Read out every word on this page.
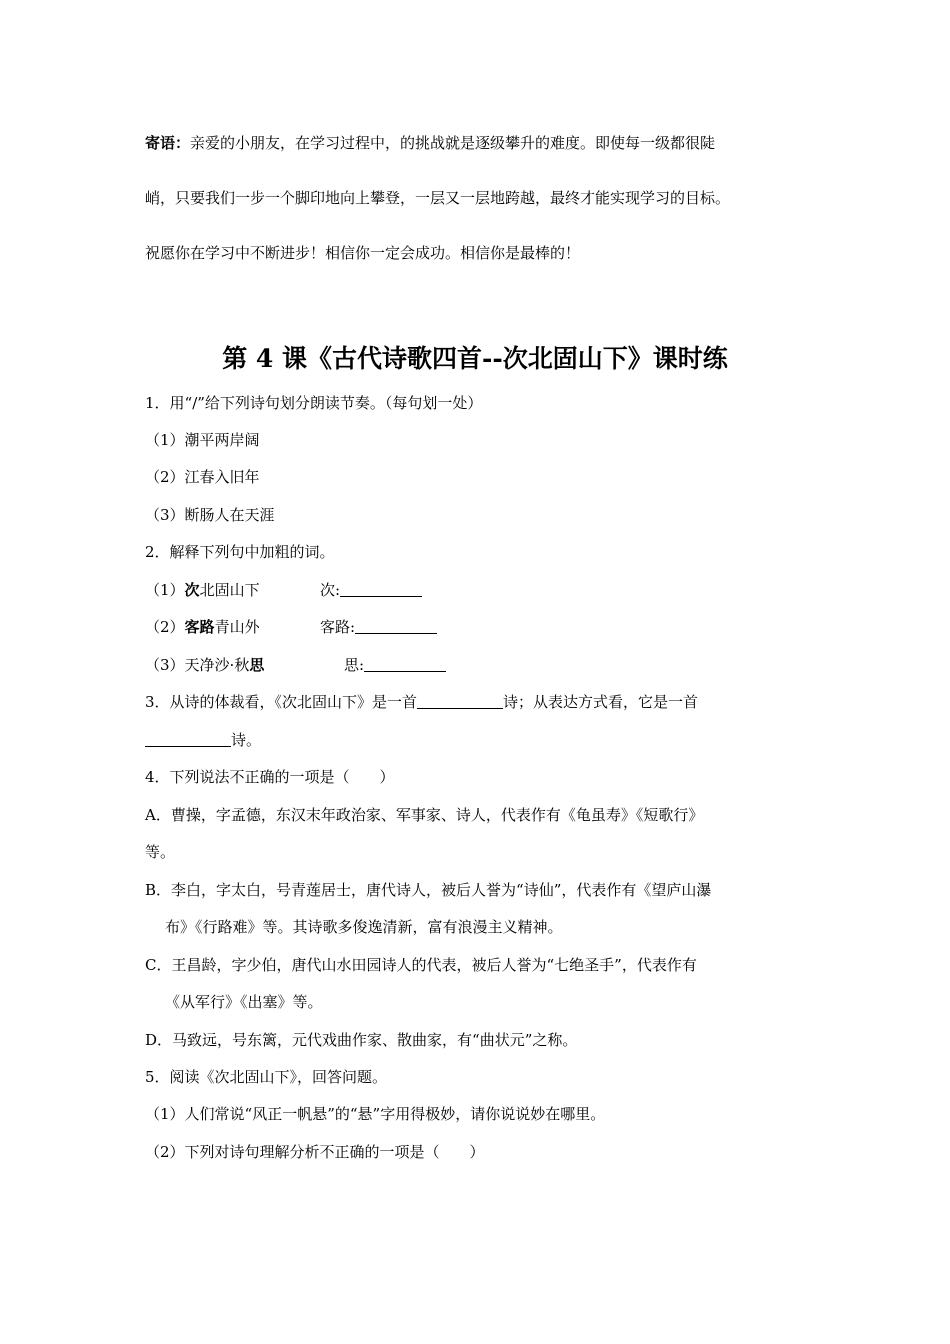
寄语：亲爱的小朋友，在学习过程中，的挑战就是逐级攀升的难度。即使每一级都很陡
峭，只要我们一步一个脚印地向上攀登，一层又一层地跨越，最终才能实现学习的目标。
祝愿你在学习中不断进步！相信你一定会成功。相信你是最棒的！
第 4 课《古代诗歌四首--次北固山下》课时练
1．用“/”给下列诗句划分朗读节奏。（每句划一处）
（1）潮平两岸阔
（2）江春入旧年
（3）断肠人在天涯
2．解释下列句中加粗的词。
（1）次北固山下	次:
（2）客路青山外	客路:
（3）天净沙·秋思	思:
3．从诗的体裁看，《次北固山下》是一首	诗；从表达方式看，它是一首
诗。
4．下列说法不正确的一项是（　　）
A．曹操，字孟德，东汉末年政治家、军事家、诗人，代表作有《龟虽寿》《短歌行》
等。
B．李白，字太白，号青莲居士，唐代诗人，被后人誉为“诗仙”，代表作有《望庐山瀑
布》《行路难》等。其诗歌多俊逸清新，富有浪漫主义精神。
C．王昌龄，字少伯，唐代山水田园诗人的代表，被后人誉为“七绝圣手”，代表作有
《从军行》《出塞》等。
D．马致远，号东篱，元代戏曲作家、散曲家，有“曲状元”之称。
5．阅读《次北固山下》，回答问题。
（1）人们常说“风正一帆悬”的“悬”字用得极妙，请你说说妙在哪里。
（2）下列对诗句理解分析不正确的一项是（　　）
